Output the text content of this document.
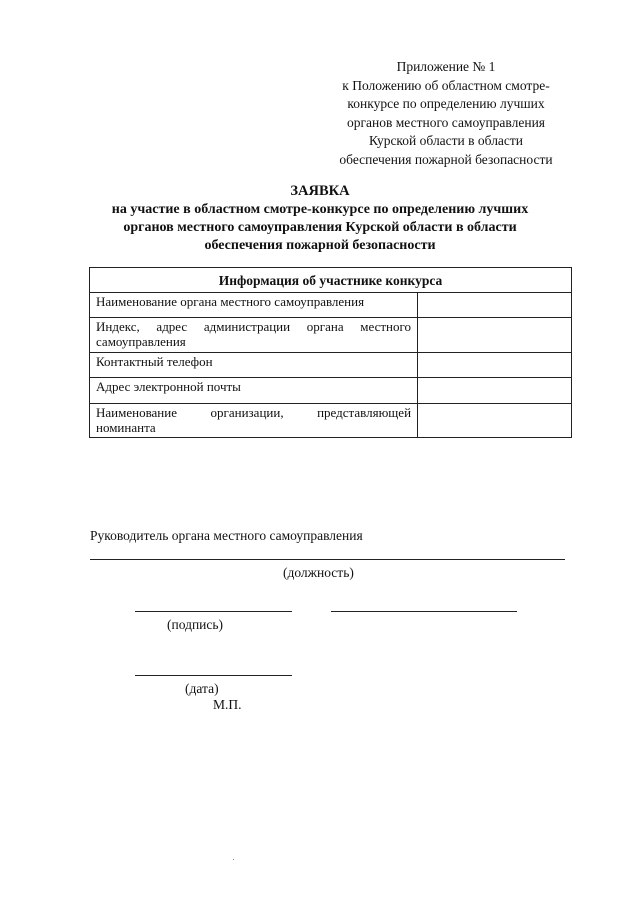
Приложение № 1
к Положению об областном смотре-
конкурсе по определению лучших
органов местного самоуправления
Курской области в области
обеспечения пожарной безопасности
ЗАЯВКА
на участие в областном смотре-конкурсе по определению лучших
органов местного самоуправления Курской области в области
обеспечения пожарной безопасности
Информация об участнике конкурса	
Наименование органа местного самоуправления	
Индекс, адрес администрации органа местного самоуправления	
Контактный телефон	
Адрес электронной почты	
Наименование организации, представляющей номинанта	
Руководитель органа местного самоуправления
(должность)
(подпись)
(дата)
М.П.
